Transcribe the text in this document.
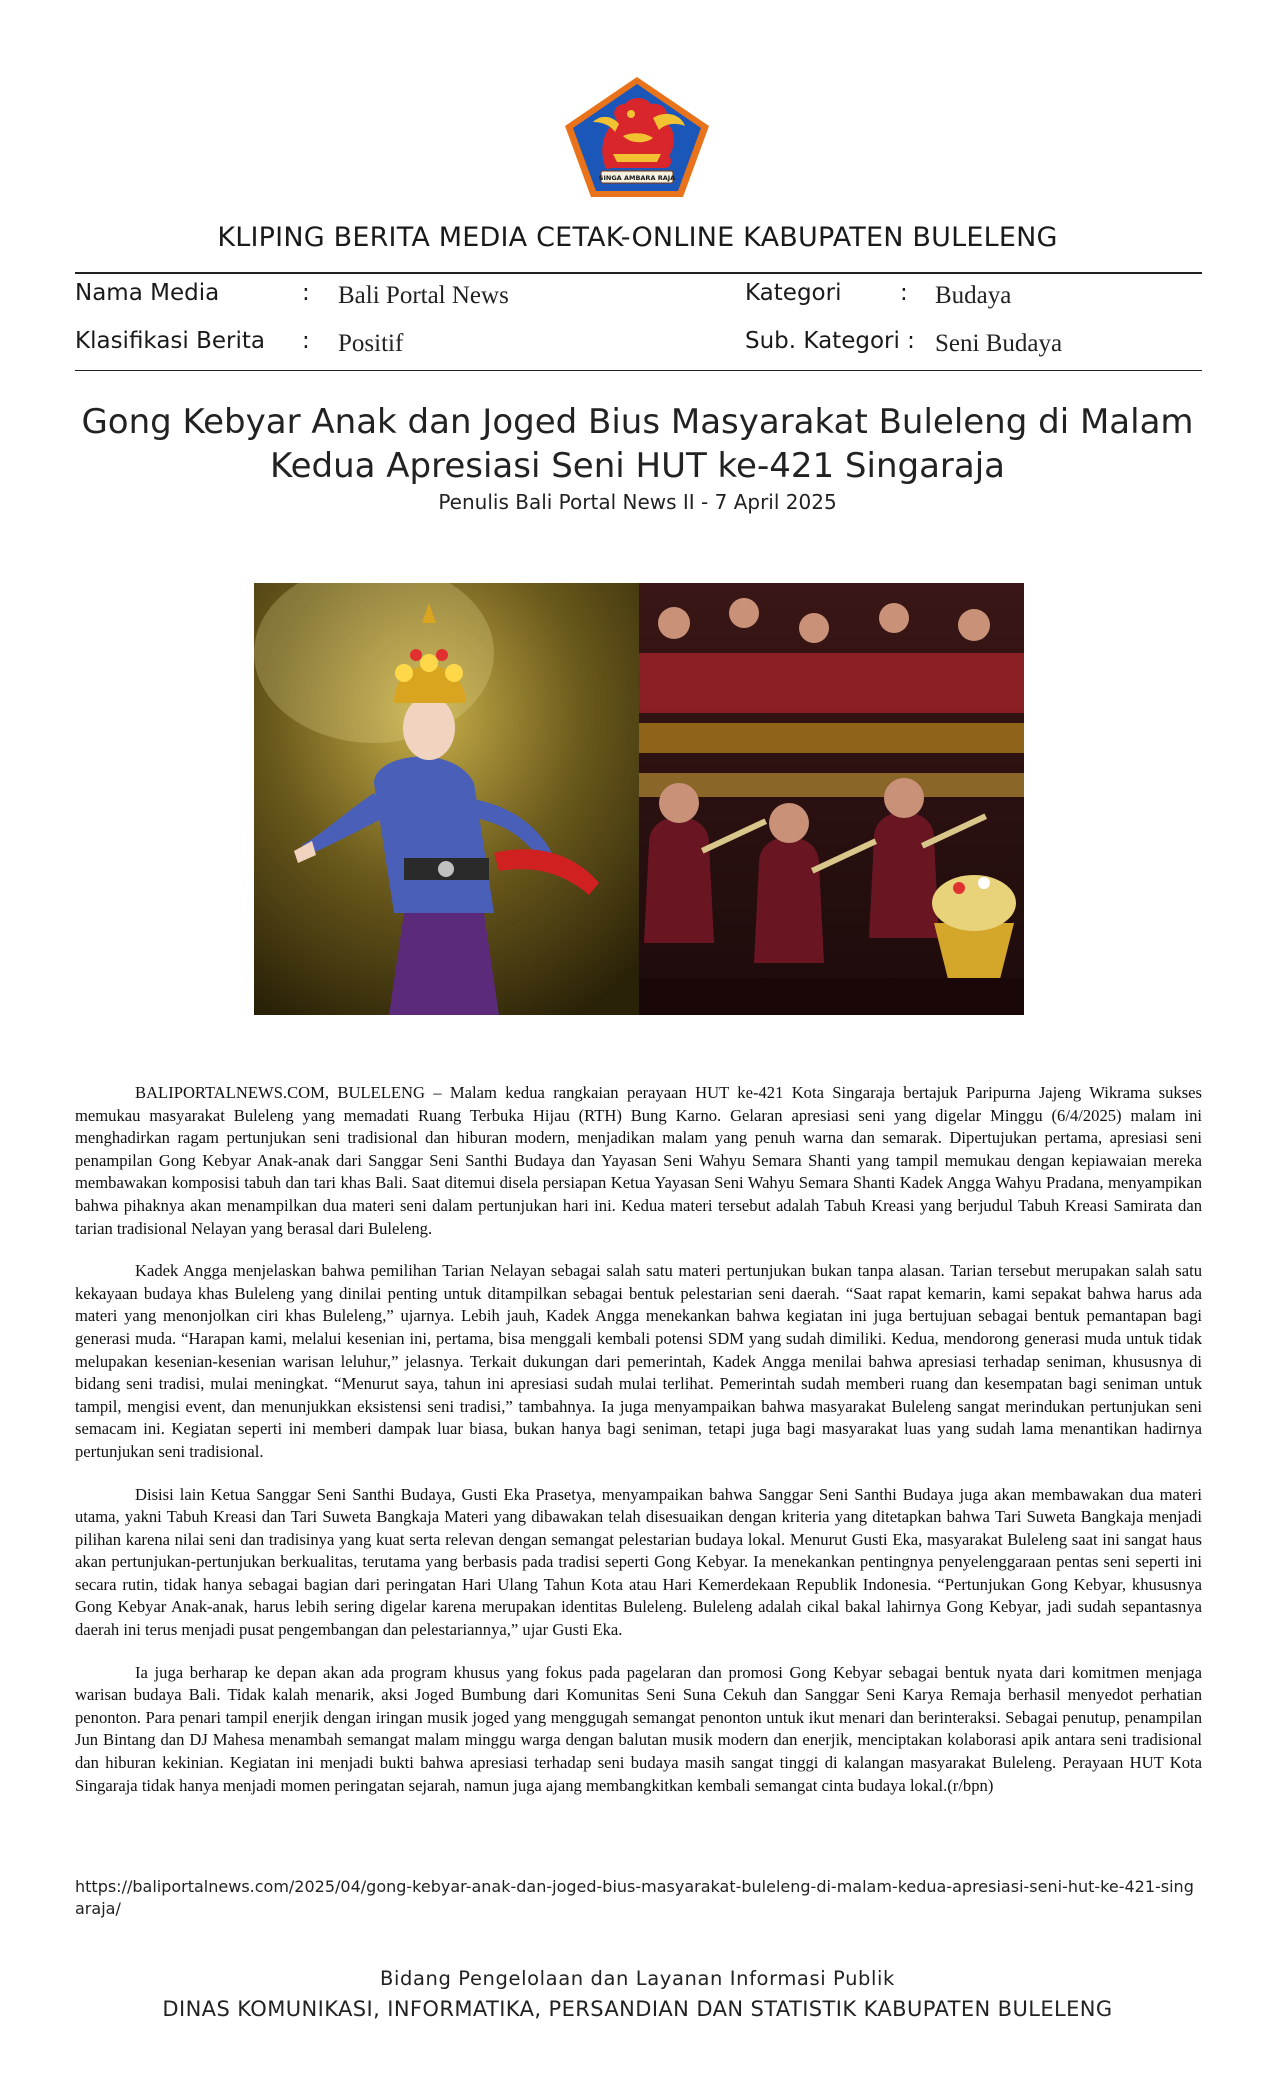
SINGA AMBARA RAJA
KLIPING BERITA MEDIA CETAK-ONLINE KABUPATEN BULELENG
Nama Media	: Bali Portal News
Klasifikasi Berita : Positif
Kategori	: Budaya
Sub. Kategori : Seni Budaya
Gong Kebyar Anak dan Joged Bius Masyarakat Buleleng di Malam Kedua Apresiasi Seni HUT ke-421 Singaraja
Penulis Bali Portal News II - 7 April 2025

BALIPORTALNEWS.COM, BULELENG – Malam kedua rangkaian perayaan HUT ke-421 Kota Singaraja bertajuk Paripurna Jajeng Wikrama sukses memukau masyarakat Buleleng yang memadati Ruang Terbuka Hijau (RTH) Bung Karno. Gelaran apresiasi seni yang digelar Minggu (6/4/2025) malam ini menghadirkan ragam pertunjukan seni tradisional dan hiburan modern, menjadikan malam yang penuh warna dan semarak. Dipertujukan pertama, apresiasi seni penampilan Gong Kebyar Anak-anak dari Sanggar Seni Santhi Budaya dan Yayasan Seni Wahyu Semara Shanti yang tampil memukau dengan kepiawaian mereka membawakan komposisi tabuh dan tari khas Bali. Saat ditemui disela persiapan Ketua Yayasan Seni Wahyu Semara Shanti Kadek Angga Wahyu Pradana, menyampikan bahwa pihaknya akan menampilkan dua materi seni dalam pertunjukan hari ini. Kedua materi tersebut adalah Tabuh Kreasi yang berjudul Tabuh Kreasi Samirata dan tarian tradisional Nelayan yang berasal dari Buleleng.

Kadek Angga menjelaskan bahwa pemilihan Tarian Nelayan sebagai salah satu materi pertunjukan bukan tanpa alasan. Tarian tersebut merupakan salah satu kekayaan budaya khas Buleleng yang dinilai penting untuk ditampilkan sebagai bentuk pelestarian seni daerah. “Saat rapat kemarin, kami sepakat bahwa harus ada materi yang menonjolkan ciri khas Buleleng,” ujarnya. Lebih jauh, Kadek Angga menekankan bahwa kegiatan ini juga bertujuan sebagai bentuk pemantapan bagi generasi muda. “Harapan kami, melalui kesenian ini, pertama, bisa menggali kembali potensi SDM yang sudah dimiliki. Kedua, mendorong generasi muda untuk tidak melupakan kesenian-kesenian warisan leluhur,” jelasnya. Terkait dukungan dari pemerintah, Kadek Angga menilai bahwa apresiasi terhadap seniman, khususnya di bidang seni tradisi, mulai meningkat. “Menurut saya, tahun ini apresiasi sudah mulai terlihat. Pemerintah sudah memberi ruang dan kesempatan bagi seniman untuk tampil, mengisi event, dan menunjukkan eksistensi seni tradisi,” tambahnya. Ia juga menyampaikan bahwa masyarakat Buleleng sangat merindukan pertunjukan seni semacam ini. Kegiatan seperti ini memberi dampak luar biasa, bukan hanya bagi seniman, tetapi juga bagi masyarakat luas yang sudah lama menantikan hadirnya pertunjukan seni tradisional.

Disisi lain Ketua Sanggar Seni Santhi Budaya, Gusti Eka Prasetya, menyampaikan bahwa Sanggar Seni Santhi Budaya juga akan membawakan dua materi utama, yakni Tabuh Kreasi dan Tari Suweta Bangkaja Materi yang dibawakan telah disesuaikan dengan kriteria yang ditetapkan bahwa Tari Suweta Bangkaja menjadi pilihan karena nilai seni dan tradisinya yang kuat serta relevan dengan semangat pelestarian budaya lokal. Menurut Gusti Eka, masyarakat Buleleng saat ini sangat haus akan pertunjukan-pertunjukan berkualitas, terutama yang berbasis pada tradisi seperti Gong Kebyar. Ia menekankan pentingnya penyelenggaraan pentas seni seperti ini secara rutin, tidak hanya sebagai bagian dari peringatan Hari Ulang Tahun Kota atau Hari Kemerdekaan Republik Indonesia. “Pertunjukan Gong Kebyar, khususnya Gong Kebyar Anak-anak, harus lebih sering digelar karena merupakan identitas Buleleng. Buleleng adalah cikal bakal lahirnya Gong Kebyar, jadi sudah sepantasnya daerah ini terus menjadi pusat pengembangan dan pelestariannya,” ujar Gusti Eka.

Ia juga berharap ke depan akan ada program khusus yang fokus pada pagelaran dan promosi Gong Kebyar sebagai bentuk nyata dari komitmen menjaga warisan budaya Bali. Tidak kalah menarik, aksi Joged Bumbung dari Komunitas Seni Suna Cekuh dan Sanggar Seni Karya Remaja berhasil menyedot perhatian penonton. Para penari tampil enerjik dengan iringan musik joged yang menggugah semangat penonton untuk ikut menari dan berinteraksi. Sebagai penutup, penampilan Jun Bintang dan DJ Mahesa menambah semangat malam minggu warga dengan balutan musik modern dan enerjik, menciptakan kolaborasi apik antara seni tradisional dan hiburan kekinian. Kegiatan ini menjadi bukti bahwa apresiasi terhadap seni budaya masih sangat tinggi di kalangan masyarakat Buleleng. Perayaan HUT Kota Singaraja tidak hanya menjadi momen peringatan sejarah, namun juga ajang membangkitkan kembali semangat cinta budaya lokal.(r/bpn)

https://baliportalnews.com/2025/04/gong-kebyar-anak-dan-joged-bius-masyarakat-buleleng-di-malam-kedua-apresiasi-seni-hut-ke-421-singaraja/
Bidang Pengelolaan dan Layanan Informasi Publik
DINAS KOMUNIKASI, INFORMATIKA, PERSANDIAN DAN STATISTIK KABUPATEN BULELENG
